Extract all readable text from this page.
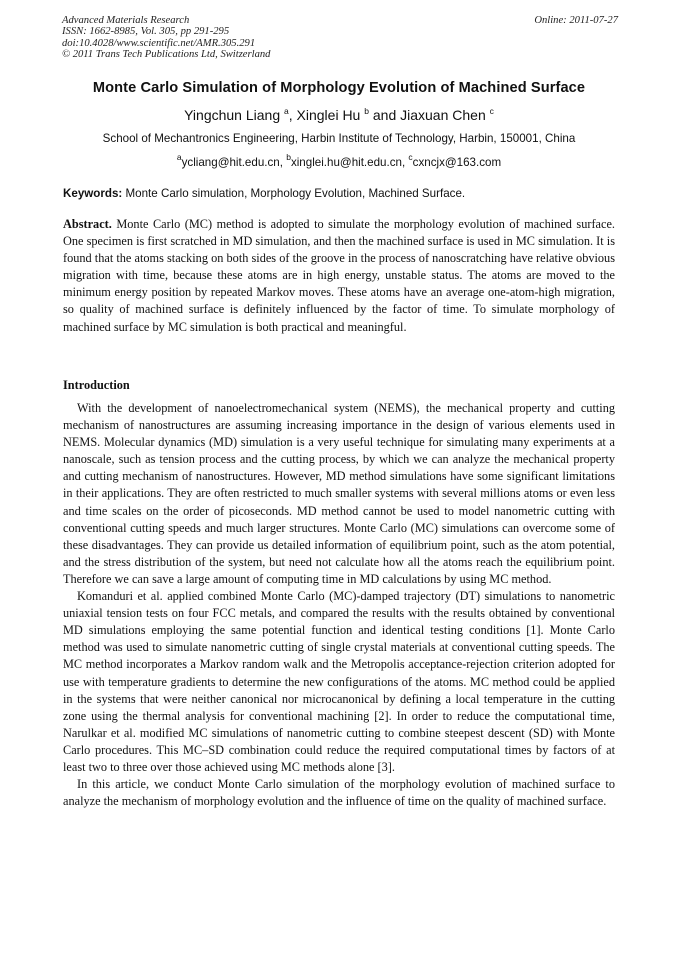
Advanced Materials Research
ISSN: 1662-8985, Vol. 305, pp 291-295
doi:10.4028/www.scientific.net/AMR.305.291
© 2011 Trans Tech Publications Ltd, Switzerland
Online: 2011-07-27
Monte Carlo Simulation of Morphology Evolution of Machined Surface
Yingchun Liang $^a$, Xinglei Hu $^b$ and Jiaxuan Chen $^c$
School of Mechantronics Engineering, Harbin Institute of Technology, Harbin, 150001, China
$^a$ycliang@hit.edu.cn, $^b$xinglei.hu@hit.edu.cn, $^c$cxncjx@163.com
Keywords: Monte Carlo simulation, Morphology Evolution, Machined Surface.

Abstract. Monte Carlo (MC) method is adopted to simulate the morphology evolution of machined surface. One specimen is first scratched in MD simulation, and then the machined surface is used in MC simulation. It is found that the atoms stacking on both sides of the groove in the process of nanoscratching have relative obvious migration with time, because these atoms are in high energy, unstable status. The atoms are moved to the minimum energy position by repeated Markov moves. These atoms have an average one-atom-high migration, so quality of machined surface is definitely influenced by the factor of time. To simulate morphology of machined surface by MC simulation is both practical and meaningful.

Introduction

With the development of nanoelectromechanical system (NEMS), the mechanical property and cutting mechanism of nanostructures are assuming increasing importance in the design of various elements used in NEMS. Molecular dynamics (MD) simulation is a very useful technique for simulating many experiments at a nanoscale, such as tension process and the cutting process, by which we can analyze the mechanical property and cutting mechanism of nanostructures. However, MD method simulations have some significant limitations in their applications. They are often restricted to much smaller systems with several millions atoms or even less and time scales on the order of picoseconds. MD method cannot be used to model nanometric cutting with conventional cutting speeds and much larger structures. Monte Carlo (MC) simulations can overcome some of these disadvantages. They can provide us detailed information of equilibrium point, such as the atom potential, and the stress distribution of the system, but need not calculate how all the atoms reach the equilibrium point. Therefore we can save a large amount of computing time in MD calculations by using MC method.

Komanduri et al. applied combined Monte Carlo (MC)-damped trajectory (DT) simulations to nanometric uniaxial tension tests on four FCC metals, and compared the results with the results obtained by conventional MD simulations employing the same potential function and identical testing conditions [1]. Monte Carlo method was used to simulate nanometric cutting of single crystal materials at conventional cutting speeds. The MC method incorporates a Markov random walk and the Metropolis acceptance-rejection criterion adopted for use with temperature gradients to determine the new configurations of the atoms. MC method could be applied in the systems that were neither canonical nor microcanonical by defining a local temperature in the cutting zone using the thermal analysis for conventional machining [2]. In order to reduce the computational time, Narulkar et al. modified MC simulations of nanometric cutting to combine steepest descent (SD) with Monte Carlo procedures. This MC–SD combination could reduce the required computational times by factors of at least two to three over those achieved using MC methods alone [3].

In this article, we conduct Monte Carlo simulation of the morphology evolution of machined surface to analyze the mechanism of morphology evolution and the influence of time on the quality of machined surface.
